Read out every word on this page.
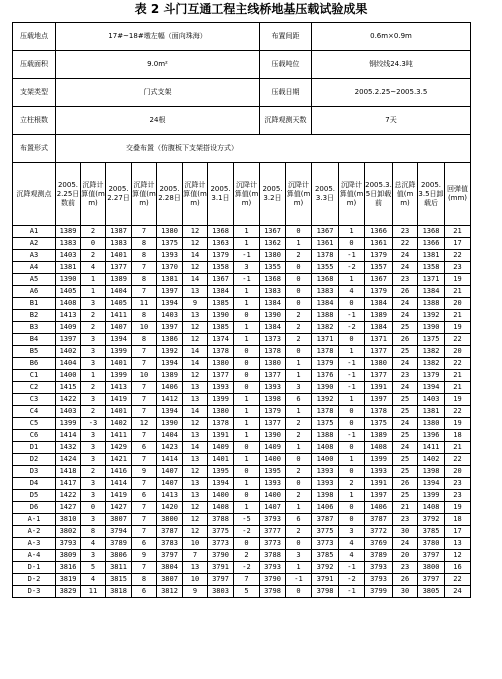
表 2 斗门互通工程主线桥地基压载试验成果
压载地点	17#~18#墩左幅（面向珠海）								布置间距		0.6m×0.9m					
压载面积	9.0m²								压载吨位		钢绞线24.3吨					
支架类型	门式支架								压载日期		2005.2.25~2005.3.5					
立柱根数	24根								沉降观测天数		7天					
布置形式	交叠布置（仿腹板下支架搭设方式）															
沉降观测点	2005.2.25日数前	沉降计算值(mm)	2005.2.27日	沉降计算值(mm)	2005.2.28日	沉降计算值(mm)	2005.3.1日	沉降计算值(mm)	2005.3.2日	沉降计算值(mm)	2005.3.3日	沉降计算值(mm)	2005.3.5日卸载前	总沉降值(mm)	2005.3.5日卸载后	回弹值(mm)
A1	1389	2	1387	7	1380	12	1368	1	1367	0	1367	1	1366	23	1368	21
A2	1383	0	1383	8	1375	12	1363	1	1362	1	1361	0	1361	22	1366	17
A3	1403	2	1401	8	1393	14	1379	-1	1380	2	1378	-1	1379	24	1381	22
A4	1381	4	1377	7	1370	12	1358	3	1355	0	1355	-2	1357	24	1358	23
A5	1390	1	1389	8	1381	14	1367	-1	1368	0	1368	1	1367	23	1371	19
A6	1405	1	1404	7	1397	13	1384	1	1383	0	1383	4	1379	26	1384	21
B1	1408	3	1405	11	1394	9	1385	1	1384	0	1384	0	1384	24	1388	20
B2	1413	2	1411	8	1403	13	1390	0	1390	2	1388	-1	1389	24	1392	21
B3	1409	2	1407	10	1397	12	1385	1	1384	2	1382	-2	1384	25	1390	19
B4	1397	3	1394	8	1386	12	1374	1	1373	2	1371	0	1371	26	1375	22
B5	1402	3	1399	7	1392	14	1378	0	1378	0	1378	1	1377	25	1382	20
B6	1404	3	1401	7	1394	14	1380	0	1380	1	1379	-1	1380	24	1382	22
C1	1400	1	1399	10	1389	12	1377	0	1377	1	1376	-1	1377	23	1379	21
C2	1415	2	1413	7	1406	13	1393	0	1393	3	1390	-1	1391	24	1394	21
C3	1422	3	1419	7	1412	13	1399	1	1398	6	1392	1	1397	25	1403	19
C4	1403	2	1401	7	1394	14	1380	1	1379	1	1378	0	1378	25	1381	22
C5	1399	-3	1402	12	1390	12	1378	1	1377	2	1375	0	1375	24	1380	19
C6	1414	3	1411	7	1404	13	1391	1	1390	2	1388	-1	1389	25	1396	18
D1	1432	3	1429	6	1423	14	1409	0	1409	1	1408	0	1408	24	1411	21
D2	1424	3	1421	7	1414	13	1401	1	1400	0	1400	1	1399	25	1402	22
D3	1418	2	1416	9	1407	12	1395	0	1395	2	1393	0	1393	25	1398	20
D4	1417	3	1414	7	1407	13	1394	1	1393	0	1393	2	1391	26	1394	23
D5	1422	3	1419	6	1413	13	1400	0	1400	2	1398	1	1397	25	1399	23
D6	1427	0	1427	7	1420	12	1408	1	1407	1	1406	0	1406	21	1408	19
A-1	3810	3	3807	7	3800	12	3788	-5	3793	6	3787	0	3787	23	3792	18
A-2	3802	8	3794	7	3787	12	3775	-2	3777	2	3775	3	3772	30	3785	17
A-3	3793	4	3789	6	3783	10	3773	0	3773	0	3773	4	3769	24	3780	13
A-4	3809	3	3806	9	3797	7	3790	2	3788	3	3785	4	3789	20	3797	12
D-1	3816	5	3811	7	3804	13	3791	-2	3793	1	3792	-1	3793	23	3800	16
D-2	3819	4	3815	8	3807	10	3797	7	3790	-1	3791	-2	3793	26	3797	22
D-3	3829	11	3818	6	3812	9	3803	5	3798	0	3798	-1	3799	30	3805	24
